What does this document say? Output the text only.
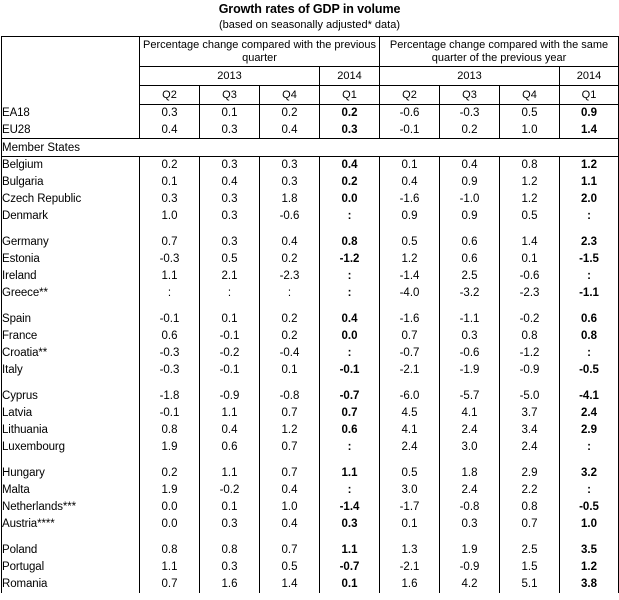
Growth rates of GDP in volume
(based on seasonally adjusted* data)
	Percentage change compared with the previous quarter				Percentage change compared with the same quarter of the previous year			
	2013			2014	2013			2014
	Q2	Q3	Q4	Q1	Q2	Q3	Q4	Q1
EA18	0.3	0.1	0.2	0.2	-0.6	-0.3	0.5	0.9
EU28	0.4	0.3	0.4	0.3	-0.1	0.2	1.0	1.4
Member States								
Belgium	0.2	0.3	0.3	0.4	0.1	0.4	0.8	1.2
Bulgaria	0.1	0.4	0.3	0.2	0.4	0.9	1.2	1.1
Czech Republic	0.3	0.3	1.8	0.0	-1.6	-1.0	1.2	2.0
Denmark	1.0	0.3	-0.6	:	0.9	0.9	0.5	:

Germany	0.7	0.3	0.4	0.8	0.5	0.6	1.4	2.3
Estonia	-0.3	0.5	0.2	-1.2	1.2	0.6	0.1	-1.5
Ireland	1.1	2.1	-2.3	:	-1.4	2.5	-0.6	:
Greece**	:	:	:	:	-4.0	-3.2	-2.3	-1.1

Spain	-0.1	0.1	0.2	0.4	-1.6	-1.1	-0.2	0.6
France	0.6	-0.1	0.2	0.0	0.7	0.3	0.8	0.8
Croatia**	-0.3	-0.2	-0.4	:	-0.7	-0.6	-1.2	:
Italy	-0.3	-0.1	0.1	-0.1	-2.1	-1.9	-0.9	-0.5

Cyprus	-1.8	-0.9	-0.8	-0.7	-6.0	-5.7	-5.0	-4.1
Latvia	-0.1	1.1	0.7	0.7	4.5	4.1	3.7	2.4
Lithuania	0.8	0.4	1.2	0.6	4.1	2.4	3.4	2.9
Luxembourg	1.9	0.6	0.7	:	2.4	3.0	2.4	:

Hungary	0.2	1.1	0.7	1.1	0.5	1.8	2.9	3.2
Malta	1.9	-0.2	0.4	:	3.0	2.4	2.2	:
Netherlands***	0.0	0.1	1.0	-1.4	-1.7	-0.8	0.8	-0.5
Austria****	0.0	0.3	0.4	0.3	0.1	0.3	0.7	1.0

Poland	0.8	0.8	0.7	1.1	1.3	1.9	2.5	3.5
Portugal	1.1	0.3	0.5	-0.7	-2.1	-0.9	1.5	1.2
Romania	0.7	1.6	1.4	0.1	1.6	4.2	5.1	3.8
